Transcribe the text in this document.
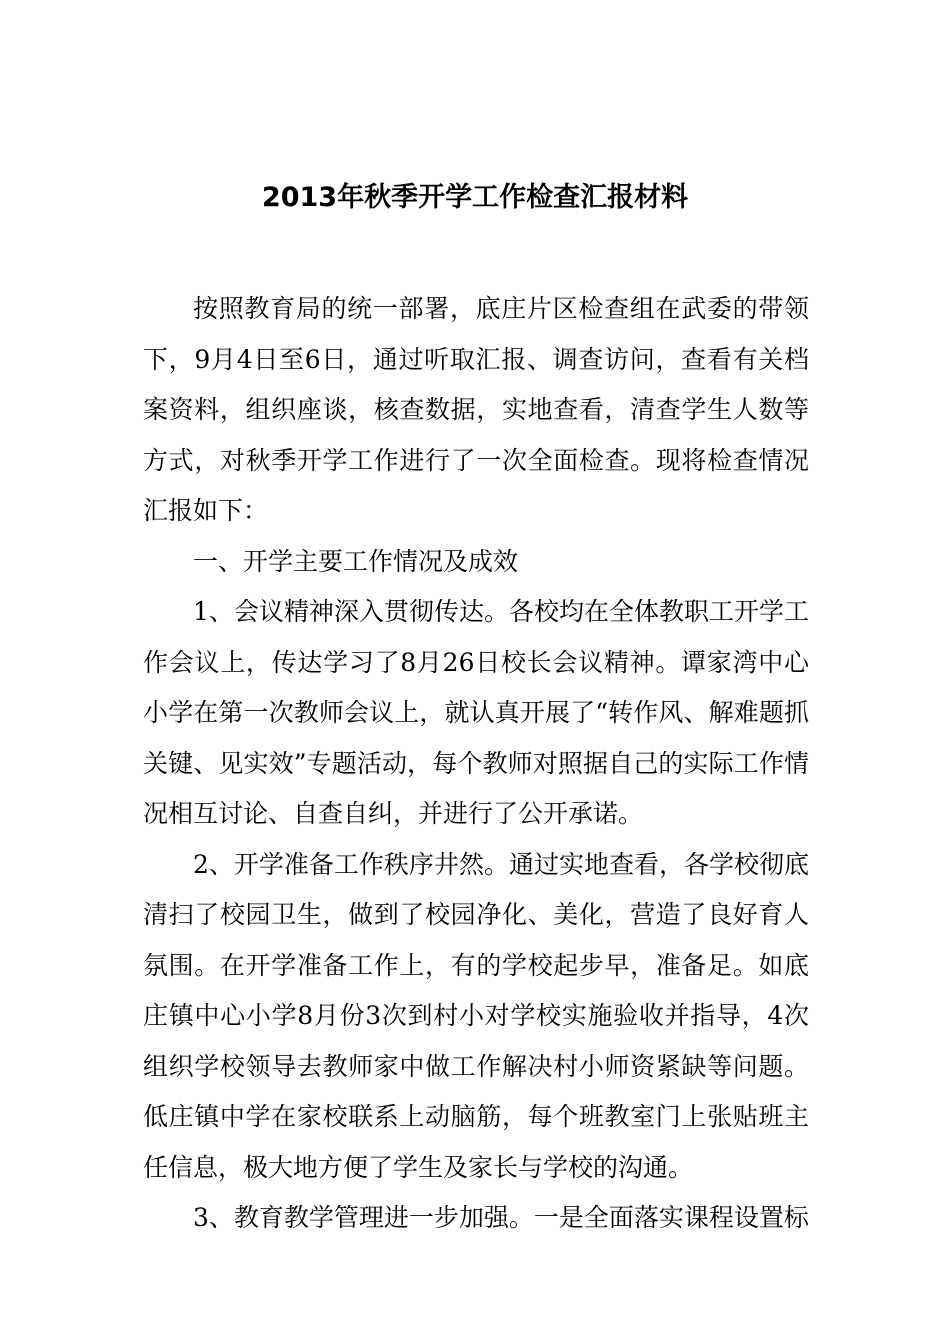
2013年秋季开学工作检查汇报材料

按照教育局的统一部署，底庄片区检查组在武委的带领下，9月4日至6日，通过听取汇报、调查访问，查看有关档案资料，组织座谈，核查数据，实地查看，清查学生人数等方式，对秋季开学工作进行了一次全面检查。现将检查情况汇报如下：

一、开学主要工作情况及成效

1、会议精神深入贯彻传达。各校均在全体教职工开学工作会议上，传达学习了8月26日校长会议精神。谭家湾中心小学在第一次教师会议上，就认真开展了“转作风、解难题抓关键、见实效”专题活动，每个教师对照据自己的实际工作情况相互讨论、自查自纠，并进行了公开承诺。

2、开学准备工作秩序井然。通过实地查看，各学校彻底清扫了校园卫生，做到了校园净化、美化，营造了良好育人氛围。在开学准备工作上，有的学校起步早，准备足。如底庄镇中心小学8月份3次到村小对学校实施验收并指导，4次组织学校领导去教师家中做工作解决村小师资紧缺等问题。低庄镇中学在家校联系上动脑筋，每个班教室门上张贴班主任信息，极大地方便了学生及家长与学校的沟通。

3、教育教学管理进一步加强。一是全面落实课程设置标
